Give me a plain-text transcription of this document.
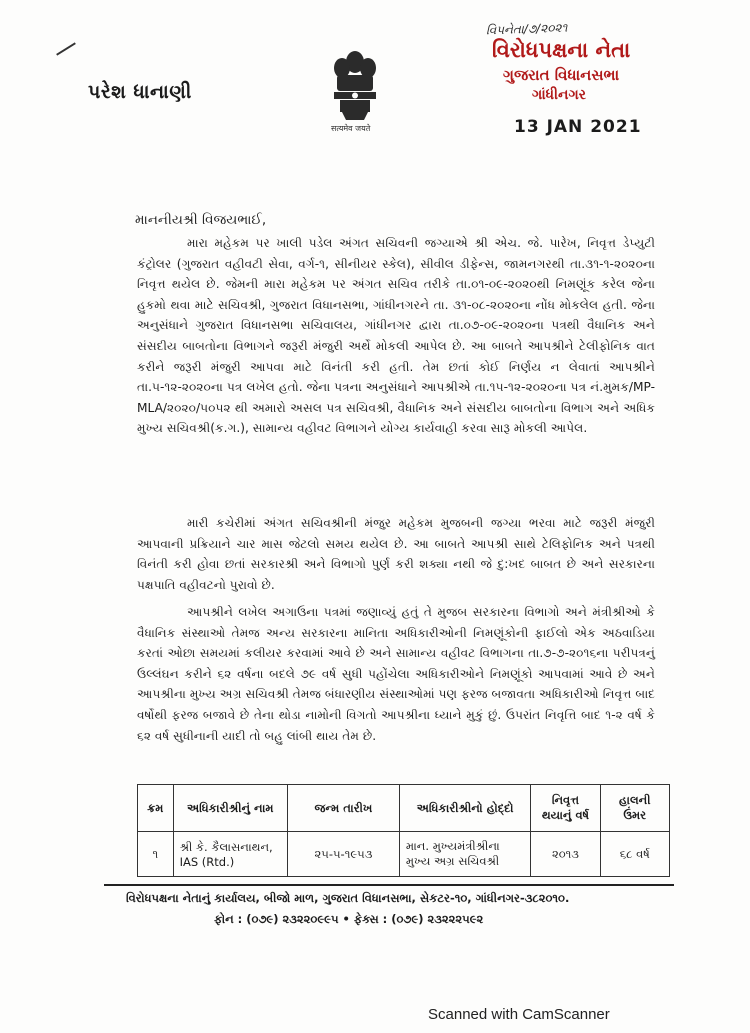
વિપનેતા/૭/૨૦૨૧
પરેશ ધાનાણી
सत्यमेव जयते
વિરોધપક્ષના નેતા
ગુજરાત વિધાનસભા
ગાંધીનગર
13 JAN 2021
માનનીયશ્રી વિજયભાઈ,
મારા મહેકમ પર ખાલી પડેલ અંગત સચિવની જગ્યાએ શ્રી એચ. જે. પારેખ, નિવૃત્ત ડેપ્યુટી કંટ્રોલર (ગુજરાત વહીવટી સેવા, વર્ગ-૧, સીનીયર સ્કેલ), સીવીલ ડીફેન્સ, જામનગરથી તા.૩૧-૧-૨૦૨૦ના નિવૃત્ત થયેલ છે. જેમની મારા મહેકમ પર અંગત સચિવ તરીકે તા.૦૧-૦૯-૨૦૨૦થી નિમણૂંક કરેલ જેના હુકમો થવા માટે સચિવશ્રી, ગુજરાત વિધાનસભા, ગાંધીનગરને તા. ૩૧-૦૮-૨૦૨૦ના નોંધ મોકલેલ હતી. જેના અનુસંધાને ગુજરાત વિધાનસભા સચિવાલય, ગાંધીનગર દ્વારા તા.૦૭-૦૯-૨૦૨૦ના પત્રથી વૈધાનિક અને સંસદીય બાબતોના વિભાગને જરૂરી મંજુરી અર્થે મોકલી આપેલ છે. આ બાબતે આપશ્રીને ટેલીફોનિક વાત કરીને જરૂરી મંજુરી આપવા માટે વિનંતી કરી હતી. તેમ છતાં કોઈ નિર્ણય ન લેવાતાં આપશ્રીને તા.૫-૧૨-૨૦૨૦ના પત્ર લખેલ હતો. જેના પત્રના અનુસંધાને આપશ્રીએ તા.૧૫-૧૨-૨૦૨૦ના પત્ર નં.મુમક/MP-MLA/૨૦૨૦/૫૦૫૨ થી અમારો અસલ પત્ર સચિવશ્રી, વૈધાનિક અને સંસદીય બાબતોના વિભાગ અને અધિક મુખ્ય સચિવશ્રી(ક.ગ.), સામાન્ય વહીવટ વિભાગને યોગ્ય કાર્યવાહી કરવા સારૂ મોકલી આપેલ.
મારી કચેરીમાં અંગત સચિવશ્રીની મંજુર મહેકમ મુજબની જગ્યા ભરવા માટે જરૂરી મંજુરી આપવાની પ્રક્રિયાને ચાર માસ જેટલો સમય થયેલ છે. આ બાબતે આપશ્રી સાથે ટેલિફોનિક અને પત્રથી વિનંતી કરી હોવા છતાં સરકારશ્રી અને વિભાગો પુર્ણ કરી શક્યા નથી જે દુ:ખદ બાબત છે અને સરકારના પક્ષપાતિ વહીવટનો પુરાવો છે.
આપશ્રીને લખેલ અગાઉના પત્રમાં જણાવ્યું હતું તે મુજબ સરકારના વિભાગો અને મંત્રીશ્રીઓ કે વૈધાનિક સંસ્થાઓ તેમજ અન્ય સરકારના માનિતા અધિકારીઓની નિમણૂંકોની ફાઈલો એક અઠવાડિયા કરતાં ઓછા સમયમાં કલીયર કરવામાં આવે છે અને સામાન્ય વહીવટ વિભાગના તા.૭-૭-૨૦૧૬ના પરીપત્રનું ઉલ્લંઘન કરીને ૬૨ વર્ષના બદલે ૭૯ વર્ષ સુધી પહોંચેલા અધિકારીઓને નિમણૂંકો આપવામાં આવે છે અને આપશ્રીના મુખ્ય અગ્ર સચિવશ્રી તેમજ બંધારણીય સંસ્થાઓમાં પણ ફરજ બજાવતા અધિકારીઓ નિવૃત્ત બાદ વર્ષોથી ફરજ બજાવે છે તેના થોડા નામોની વિગતો આપશ્રીના ધ્યાને મુકું છું. ઉપરાંત નિવૃત્તિ બાદ ૧-૨ વર્ષ કે ૬૨ વર્ષ સુધીનાની યાદી તો બહુ લાંબી થાય તેમ છે.
ક્રમ	અધિકારીશ્રીનું નામ	જન્મ તારીખ	અધિકારીશ્રીનો હોદ્દો	નિવૃત્ત થયાનું વર્ષ	હાલની ઉંમર
૧	શ્રી કે. કૈલાસનાથન, IAS (Rtd.)	૨૫-૫-૧૯૫૩	માન. મુખ્યમંત્રીશ્રીના મુખ્ય અગ્ર સચિવશ્રી	૨૦૧૩	૬૮ વર્ષ
વિરોધપક્ષના નેતાનું કાર્યાલય, બીજો માળ, ગુજરાત વિધાનસભા, સેકટર-૧૦, ગાંધીનગર-૩૮૨૦૧૦.
ફોન : (૦૭૯) ૨૩૨૨૦૯૯૫ • ફેક્સ : (૦૭૯) ૨૩૨૨૨૫૯૨
Scanned with CamScanner
